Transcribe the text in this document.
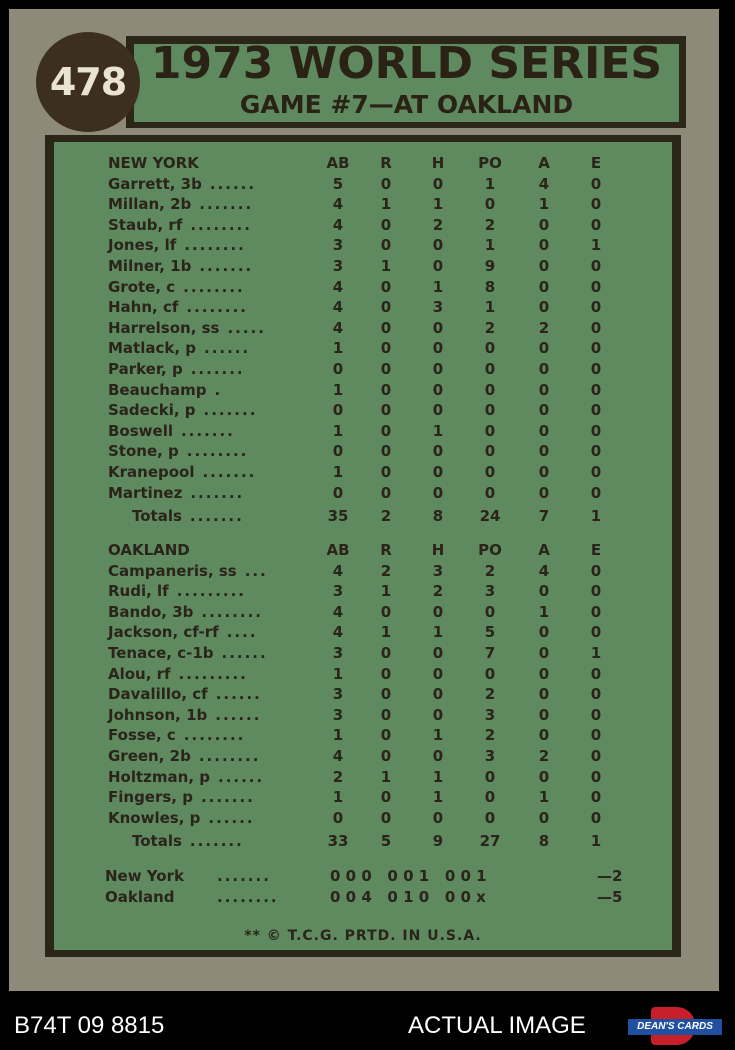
1973 WORLD SERIES
GAME #7—AT OAKLAND
478
NEW YORK	AB	R	H	PO	A	E
Garrett, 3b ......	5	0	0	1	4	0
Millan, 2b .......	4	1	1	0	1	0
Staub, rf ........	4	0	2	2	0	0
Jones, lf ........	3	0	0	1	0	1
Milner, 1b .......	3	1	0	9	0	0
Grote, c ........	4	0	1	8	0	0
Hahn, cf ........	4	0	3	1	0	0
Harrelson, ss .....	4	0	0	2	2	0
Matlack, p ......	1	0	0	0	0	0
Parker, p .......	0	0	0	0	0	0
Beauchamp .	1	0	0	0	0	0
Sadecki, p .......	0	0	0	0	0	0
Boswell .......	1	0	1	0	0	0
Stone, p ........	0	0	0	0	0	0
Kranepool .......	1	0	0	0	0	0
Martinez .......	0	0	0	0	0	0
Totals .......	35	2	8	24	7	1
OAKLAND	AB	R	H	PO	A	E
Campaneris, ss ...	4	2	3	2	4	0
Rudi, lf .........	3	1	2	3	0	0
Bando, 3b ........	4	0	0	0	1	0
Jackson, cf-rf ....	4	1	1	5	0	0
Tenace, c-1b ......	3	0	0	7	0	1
Alou, rf .........	1	0	0	0	0	0
Davalillo, cf ......	3	0	0	2	0	0
Johnson, 1b ......	3	0	0	3	0	0
Fosse, c ........	1	0	1	2	0	0
Green, 2b ........	4	0	0	3	2	0
Holtzman, p ......	2	1	1	0	0	0
Fingers, p .......	1	0	1	0	1	0
Knowles, p ......	0	0	0	0	0	0
Totals .......	33	5	9	27	8	1
New York .......	0 0 0   0 0 1   0 0 1	—2
Oakland	........	0 0 4   0 1 0   0 0 x	—5
** © T.C.G. PRTD. IN U.S.A.
B74T 09 8815	ACTUAL IMAGE	DEAN'S CARDS
